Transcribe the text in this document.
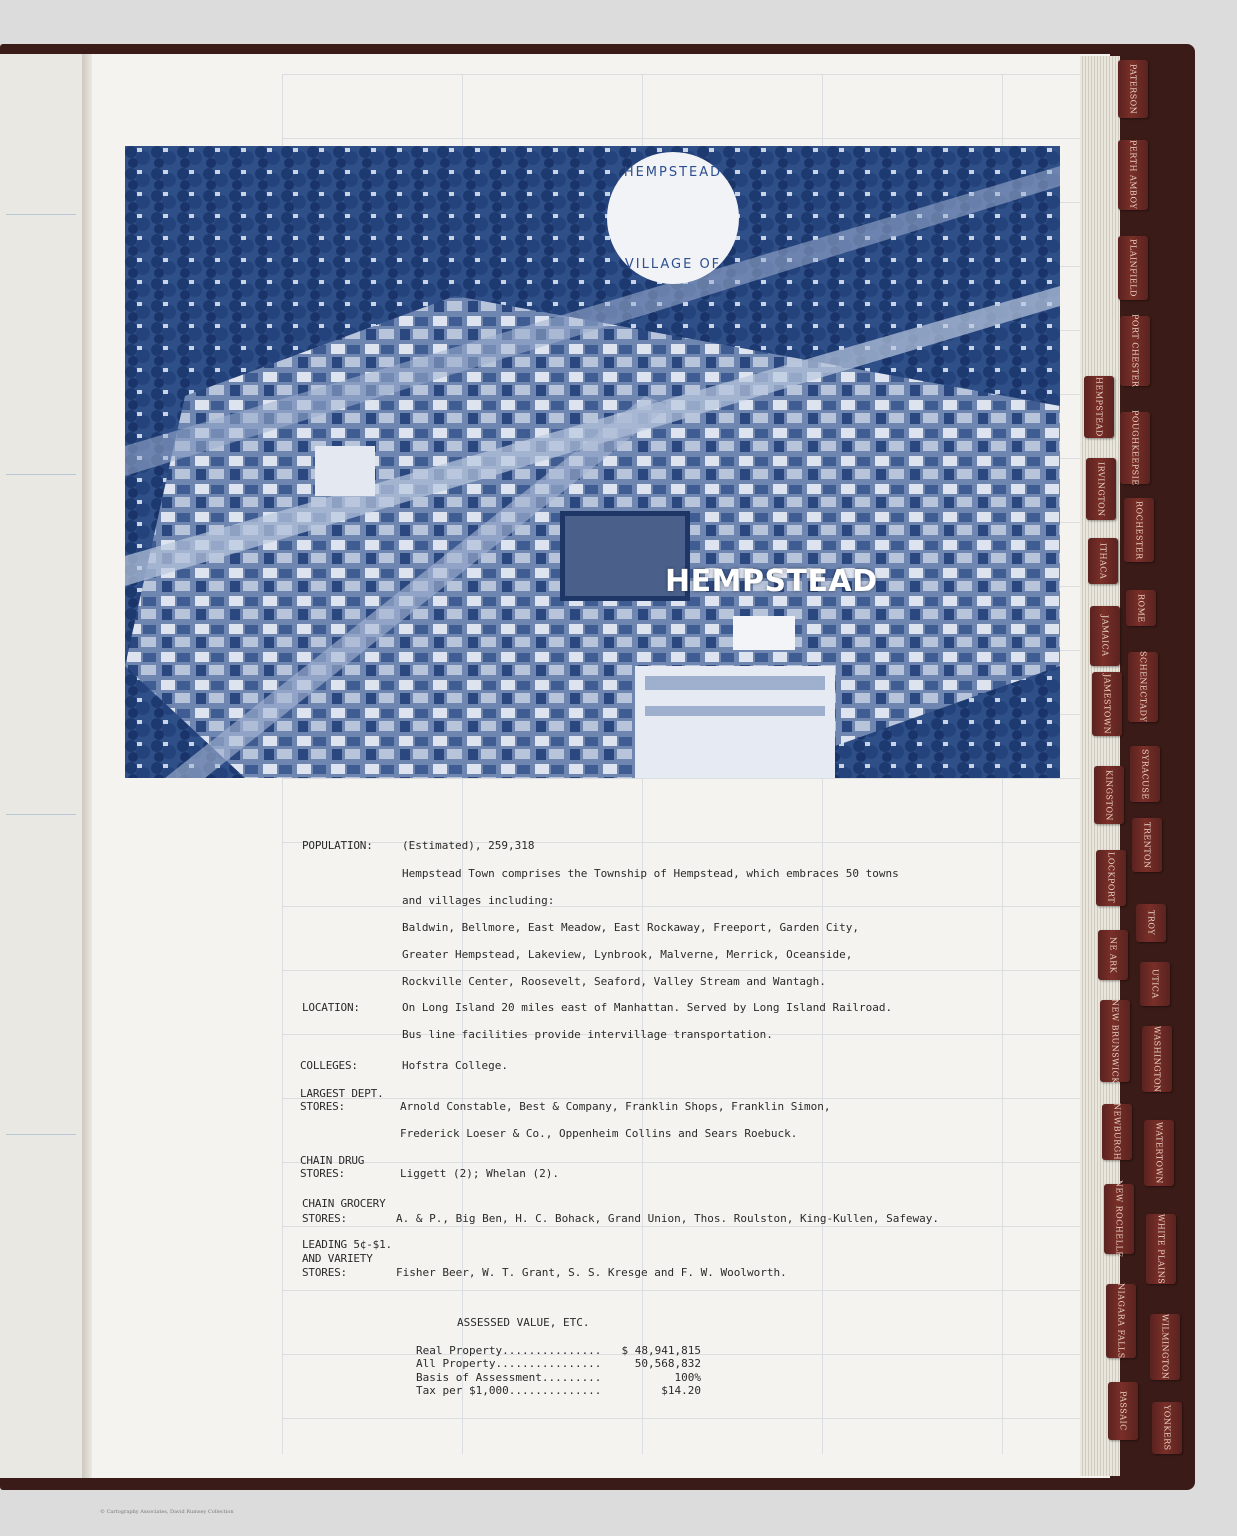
PATERSON
PERTH AMBOY
PLAINFIELD
PORT CHESTER
POUGHKEEPSIE
ROCHESTER
ROME
SCHENECTADY
SYRACUSE
TRENTON
TROY
UTICA
WASHINGTON
WATERTOWN
WHITE PLAINS
WILMINGTON
YONKERS
HEMPSTEAD
IRVINGTON
ITHACA
JAMAICA
JAMESTOWN
KINGSTON
LOCKPORT
NE ARK
NEW BRUNSWICK
NEWBURGH
NEW ROCHELLE
NIAGARA FALLS
PASSAIC
HEMPSTEAD
VILLAGE OF
HEMPSTEAD
POPULATION:	(Estimated), 259,318
Hempstead Town comprises the Township of Hempstead, which embraces 50 towns
and villages including:
Baldwin, Bellmore, East Meadow, East Rockaway, Freeport, Garden City,
Greater Hempstead, Lakeview, Lynbrook, Malverne, Merrick, Oceanside,
Rockville Center, Roosevelt, Seaford, Valley Stream and Wantagh.
LOCATION:	On Long Island 20 miles east of Manhattan. Served by Long Island Railroad.
Bus line facilities provide intervillage transportation.
COLLEGES:	Hofstra College.
LARGEST DEPT.
STORES:	Arnold Constable, Best & Company, Franklin Shops, Franklin Simon,
Frederick Loeser & Co., Oppenheim Collins and Sears Roebuck.
CHAIN DRUG
STORES:	Liggett (2); Whelan (2).
CHAIN GROCERY
STORES:	A. & P., Big Ben, H. C. Bohack, Grand Union, Thos. Roulston, King-Kullen, Safeway.
LEADING 5¢-$1.
AND VARIETY
STORES:	Fisher Beer, W. T. Grant, S. S. Kresge and F. W. Woolworth.
ASSESSED VALUE, ETC.
Real Property...............	$ 48,941,815
All Property................	50,568,832
Basis of Assessment.........	100%
Tax per $1,000..............	$14.20
© Cartography Associates, David Rumsey Collection
